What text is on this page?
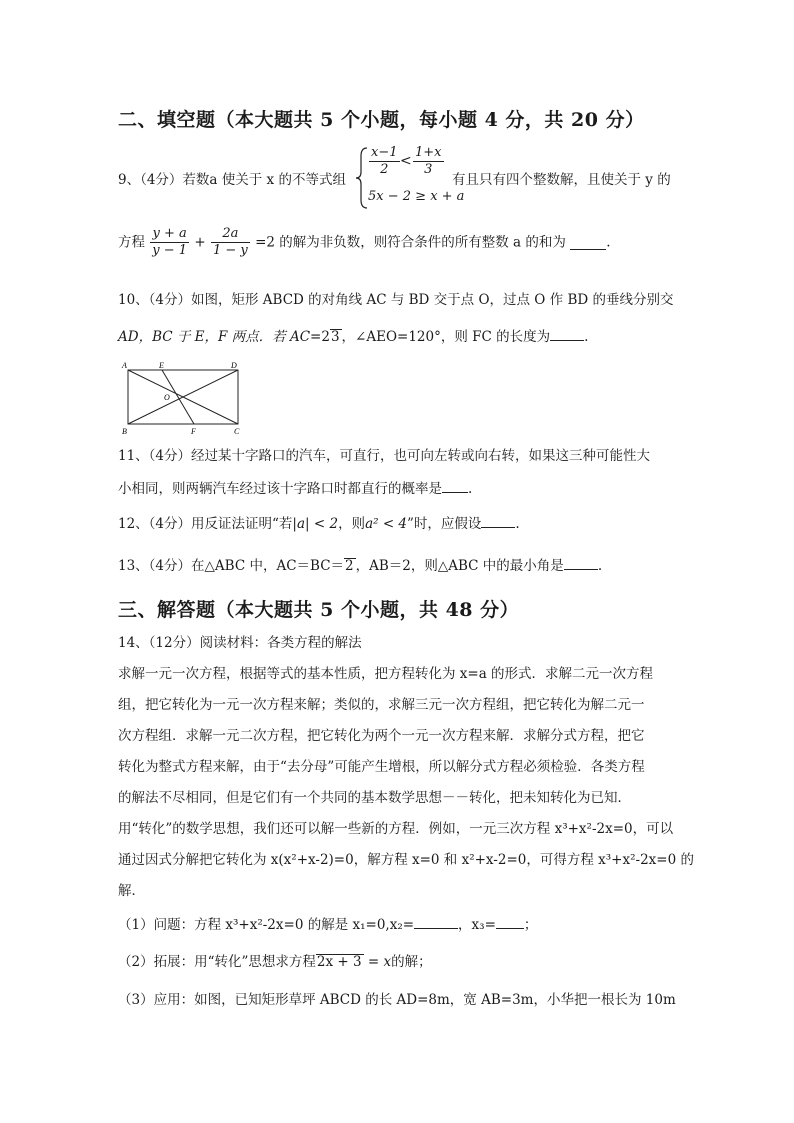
二、填空题（本大题共 5 个小题，每小题 4 分，共 20 分）
9、（4分）若数a 使关于 x 的不等式组
$\frac{x-1}{2} < \frac{1+x}{3}$
5x − 2 ≥ x + a
有且只有四个整数解，且使关于 y 的
方程 $\frac{y + a}{y - 1} + \frac{2a}{1 - y} =2$ 的解为非负数，则符合条件的所有整数 a 的和为	.
10、（4分）如图，矩形 ABCD 的对角线 AC 与 BD 交于点 O，过点 O 作 BD 的垂线分别交
AD，BC 于 E，F 两点．若 AC=23 ，∠AEO=120°，则 FC 的长度为	.
A	E	D
O
B	F	C
11、（4分）经过某十字路口的汽车，可直行，也可向左转或向右转，如果这三种可能性大
小相同，则两辆汽车经过该十字路口时都直行的概率是 .
12、（4分）用反证法证明“若|a| < 2，则a² < 4”时，应假设	.
13、（4分）在△ABC 中，AC＝BC＝2 ，AB＝2，则△ABC 中的最小角是	.
三、解答题（本大题共 5 个小题，共 48 分）
14、（12分）阅读材料：各类方程的解法
求解一元一次方程，根据等式的基本性质，把方程转化为 x=a 的形式．求解二元一次方程
组，把它转化为一元一次方程来解；类似的，求解三元一次方程组，把它转化为解二元一
次方程组．求解一元二次方程，把它转化为两个一元一次方程来解．求解分式方程，把它
转化为整式方程来解，由于“去分母”可能产生增根，所以解分式方程必须检验．各类方程
的解法不尽相同，但是它们有一个共同的基本数学思想－－转化，把未知转化为已知．
用“转化”的数学思想，我们还可以解一些新的方程．例如，一元三次方程 x³+x²-2x=0，可以
通过因式分解把它转化为 x(x²+x-2)=0，解方程 x=0 和 x²+x-2=0，可得方程 x³+x²-2x=0 的
解．
（1）问题：方程 x³+x²-2x=0 的解是 x₁=0,x₂=	，x₃= ；
（2）拓展：用“转化”思想求方程2x + 3 = x的解；
（3）应用：如图，已知矩形草坪 ABCD 的长 AD=8m，宽 AB=3m，小华把一根长为 10m
